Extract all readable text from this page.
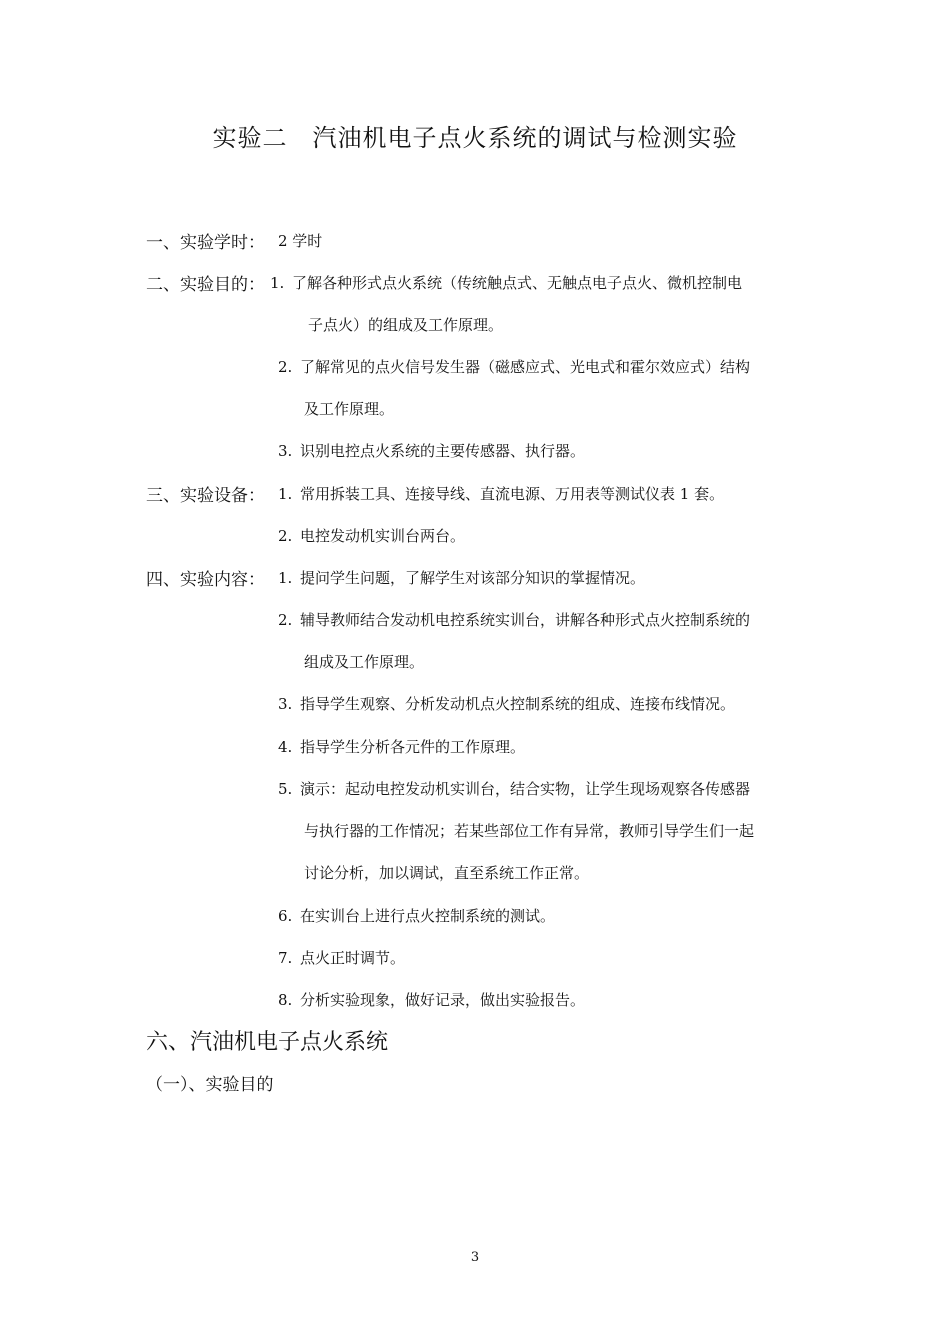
实验二　汽油机电子点火系统的调试与检测实验
一、实验学时： 2 学时
二、实验目的： 1. 了解各种形式点火系统（传统触点式、无触点电子点火、微机控制电
子点火）的组成及工作原理。
2. 了解常见的点火信号发生器（磁感应式、光电式和霍尔效应式）结构
及工作原理。
3. 识别电控点火系统的主要传感器、执行器。
三、实验设备： 1. 常用拆装工具、连接导线、直流电源、万用表等测试仪表 1 套。
2. 电控发动机实训台两台。
四、实验内容： 1. 提问学生问题，了解学生对该部分知识的掌握情况。
2. 辅导教师结合发动机电控系统实训台，讲解各种形式点火控制系统的
组成及工作原理。
3. 指导学生观察、分析发动机点火控制系统的组成、连接布线情况。
4. 指导学生分析各元件的工作原理。
5. 演示：起动电控发动机实训台，结合实物，让学生现场观察各传感器
与执行器的工作情况；若某些部位工作有异常，教师引导学生们一起
讨论分析，加以调试，直至系统工作正常。
6. 在实训台上进行点火控制系统的测试。
7. 点火正时调节。
8. 分析实验现象，做好记录，做出实验报告。
六、汽油机电子点火系统
（一）、实验目的
3
